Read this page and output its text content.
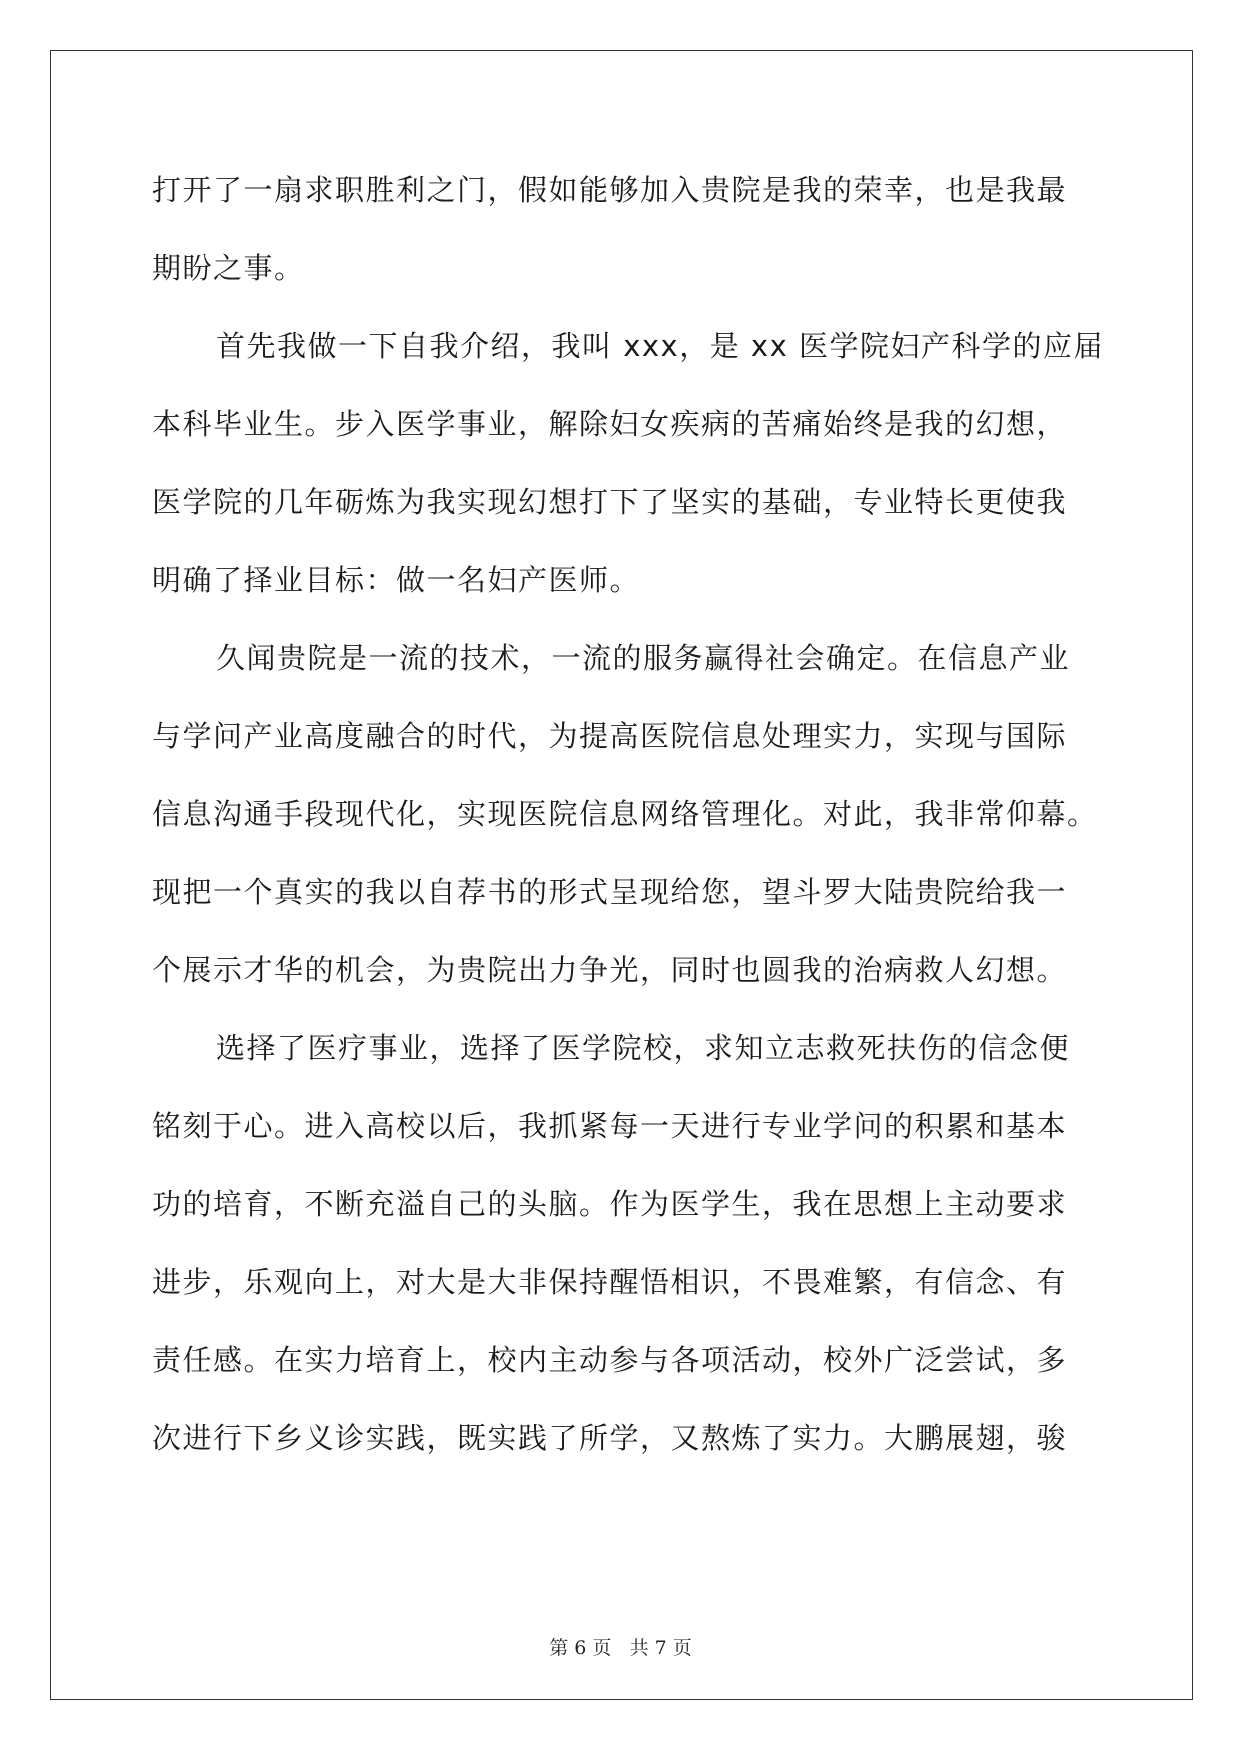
打开了一扇求职胜利之门，假如能够加入贵院是我的荣幸，也是我最
期盼之事。
首先我做一下自我介绍，我叫 xxx，是 xx 医学院妇产科学的应届
本科毕业生。步入医学事业，解除妇女疾病的苦痛始终是我的幻想，
医学院的几年砺炼为我实现幻想打下了坚实的基础，专业特长更使我
明确了择业目标：做一名妇产医师。
久闻贵院是一流的技术，一流的服务赢得社会确定。在信息产业
与学问产业高度融合的时代，为提高医院信息处理实力，实现与国际
信息沟通手段现代化，实现医院信息网络管理化。对此，我非常仰幕。
现把一个真实的我以自荐书的形式呈现给您，望斗罗大陆贵院给我一
个展示才华的机会，为贵院出力争光，同时也圆我的治病救人幻想。
选择了医疗事业，选择了医学院校，求知立志救死扶伤的信念便
铭刻于心。进入高校以后，我抓紧每一天进行专业学问的积累和基本
功的培育，不断充溢自己的头脑。作为医学生，我在思想上主动要求
进步，乐观向上，对大是大非保持醒悟相识，不畏难繁，有信念、有
责任感。在实力培育上，校内主动参与各项活动，校外广泛尝试，多
次进行下乡义诊实践，既实践了所学，又熬炼了实力。大鹏展翅，骏
第 6 页 共 7 页
